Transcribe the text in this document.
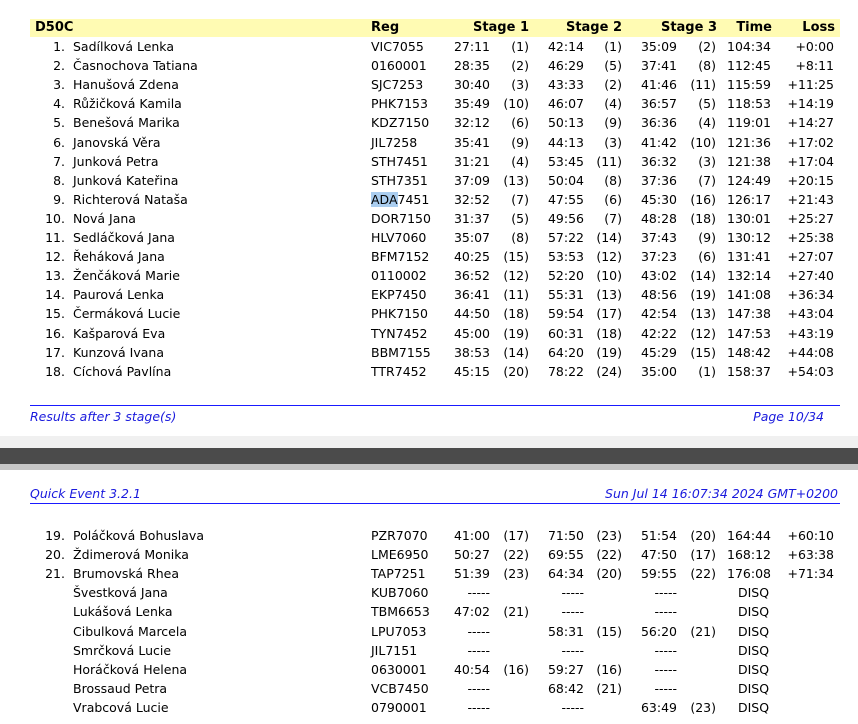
D50C	Reg	Stage 1	Stage 2	Stage 3 Time Loss
1. Sadílková Lenka	VIC7055 27:11 (1) 42:14 (1) 35:09 (2) 104:34 +0:00
2. Časnochova Tatiana	0160001 28:35 (2) 46:29 (5) 37:41 (8) 112:45 +8:11
3. Hanušová Zdena	SJC7253 30:40 (3) 43:33 (2) 41:46 (11) 115:59 +11:25
4. Růžičková Kamila	PHK7153 35:49 (10) 46:07 (4) 36:57 (5) 118:53 +14:19
5. Benešová Marika	KDZ7150 32:12 (6) 50:13 (9) 36:36 (4) 119:01 +14:27
6. Janovská Věra	JIL7258	35:41 (9) 44:13 (3) 41:42 (10) 121:36 +17:02
7. Junková Petra	STH7451 31:21 (4) 53:45 (11) 36:32 (3) 121:38 +17:04
8. Junková Kateřina	STH7351 37:09 (13) 50:04 (8) 37:36 (7) 124:49 +20:15
9. Richterová Nataša	ADA7451 32:52 (7) 47:55 (6) 45:30 (16) 126:17 +21:43
10. Nová Jana	DOR7150 31:37 (5) 49:56 (7) 48:28 (18) 130:01 +25:27
11. Sedláčková Jana	HLV7060 35:07 (8) 57:22 (14) 37:43 (9) 130:12 +25:38
12. Řeháková Jana	BFM7152 40:25 (15) 53:53 (12) 37:23 (6) 131:41 +27:07
13. Ženčáková Marie	0110002 36:52 (12) 52:20 (10) 43:02 (14) 132:14 +27:40
14. Paurová Lenka	EKP7450 36:41 (11) 55:31 (13) 48:56 (19) 141:08 +36:34
15. Čermáková Lucie	PHK7150 44:50 (18) 59:54 (17) 42:54 (13) 147:38 +43:04
16. Kašparová Eva	TYN7452 45:00 (19) 60:31 (18) 42:22 (12) 147:53 +43:19
17. Kunzová Ivana	BBM7155 38:53 (14) 64:20 (19) 45:29 (15) 148:42 +44:08
18. Cíchová Pavlína	TTR7452 45:15 (20) 78:22 (24) 35:00 (1) 158:37 +54:03
Results after 3 stage(s)	Page 10/34
Quick Event 3.2.1	Sun Jul 14 16:07:34 2024 GMT+0200
19. Poláčková Bohuslava	PZR7070 41:00 (17) 71:50 (23) 51:54 (20) 164:44 +60:10
20. Ždimerová Monika	LME6950 50:27 (22) 69:55 (22) 47:50 (17) 168:12 +63:38
21. Brumovská Rhea	TAP7251 51:39 (23) 64:34 (20) 59:55 (22) 176:08 +71:34
Švestková Jana	KUB7060	-----	-----	-----	DISQ
Lukášová Lenka	TBM6653 47:02 (21)	-----	-----	DISQ
Cibulková Marcela	LPU7053	-----	58:31 (15) 56:20 (21) DISQ
Smrčková Lucie	JIL7151	-----	-----	-----	DISQ
Horáčková Helena	0630001 40:54 (16) 59:27 (16)	-----	DISQ
Brossaud Petra	VCB7450	-----	68:42 (21)	-----	DISQ
Vrabcová Lucie	0790001	-----	-----	63:49 (23) DISQ
